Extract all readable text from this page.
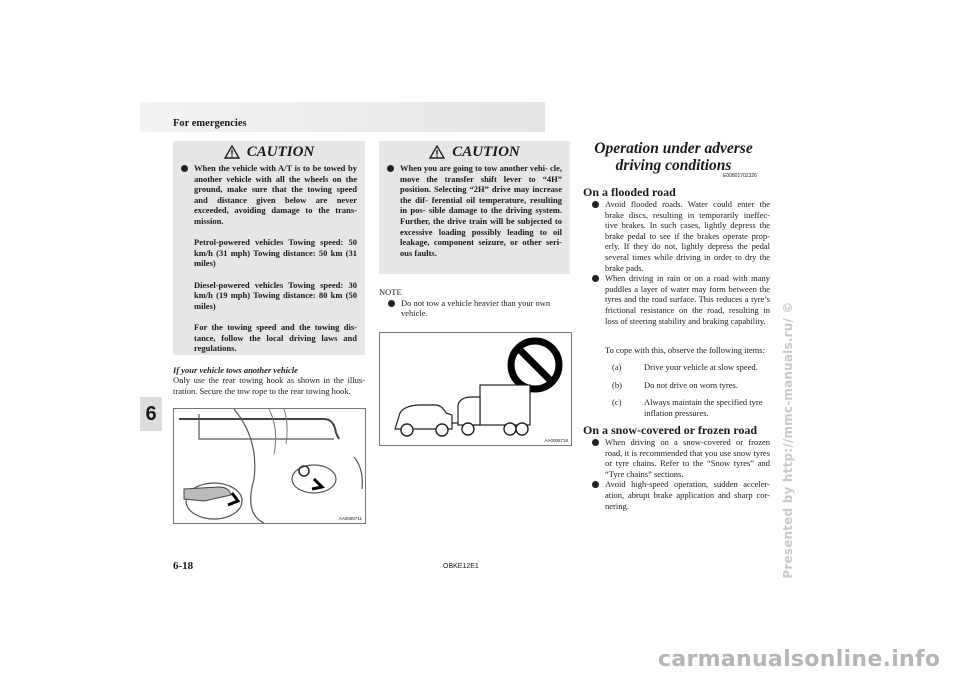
For emergencies
6	Presented by http://mmc-manuals.ru/ ©
CAUTION

When the vehicle with A/T is to be towed by another vehicle with all the wheels on the ground, make sure that the towing speed and distance given below are never exceeded, avoiding damage to the trans- mission.

Petrol-powered vehicles Towing speed: 50 km/h (31 mph) Towing distance: 50 km (31 miles)

Diesel-powered vehicles Towing speed: 30 km/h (19 mph) Towing distance: 80 km (50 miles)

For the towing speed and the towing dis- tance, follow the local driving laws and regulations.

If your vehicle tows another vehicle
Only use the rear towing hook as shown in the illus- tration. Secure the tow rope to the rear towing hook.
AA0065711
CAUTION
When you are going to tow another vehi- cle, move the transfer shift lever to “4H” position. Selecting “2H” drive may increase the dif- ferential oil temperature, resulting in pos- sible damage to the driving system. Further, the drive train will be subjected to excessive loading possibly leading to oil leakage, component seizure, or other seri- ous faults.
NOTE
Do not tow a vehicle heavier than your own vehicle.
AA0008718
Operation under adverse driving conditions
E00801702326
On a flooded road
Avoid flooded roads. Water could enter the brake discs, resulting in temporarily ineffec- tive brakes. In such cases, lightly depress the brake pedal to see if the brakes operate prop- erly. If they do not, lightly depress the pedal several times while driving in order to dry the brake pads.
When driving in rain or on a road with many puddles a layer of water may form between the tyres and the road surface. This reduces a tyre’s frictional resistance on the road, resulting in loss of steering stability and braking capability.
To cope with this, observe the following items:
(a)	Drive your vehicle at slow speed.
(b)	Do not drive on worn tyres.
(c)	Always maintain the specified tyre inflation pressures.
On a snow-covered or frozen road
When driving on a snow-covered or frozen road, it is recommended that you use snow tyres or tyre chains. Refer to the “Snow tyres” and “Tyre chains” sections.
Avoid high-speed operation, sudden acceler- ation, abrupt brake application and sharp cor- nering.
6-18	OBKE12E1
carmanualsonline.info
